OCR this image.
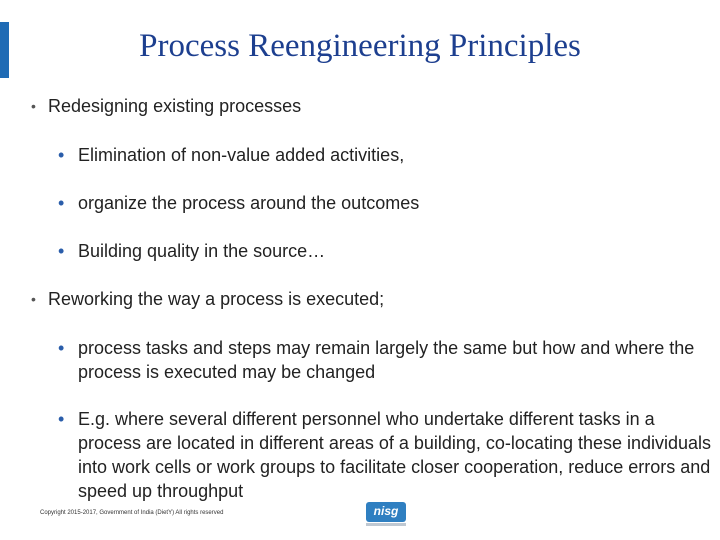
Process Reengineering Principles
• Redesigning existing processes
• Elimination of non-value added activities,
• organize the process around the outcomes
• Building quality in the source…
• Reworking the way a process is executed;
• process tasks and steps may remain largely the same but how and where the process is executed may be changed
• E.g. where several different personnel who undertake different tasks in a process are located in different areas of a building, co-locating these individuals into work cells or work groups to facilitate closer cooperation, reduce errors and speed up throughput
Copyright 2015-2017, Government of India (DietY) All rights reserved	nisg
